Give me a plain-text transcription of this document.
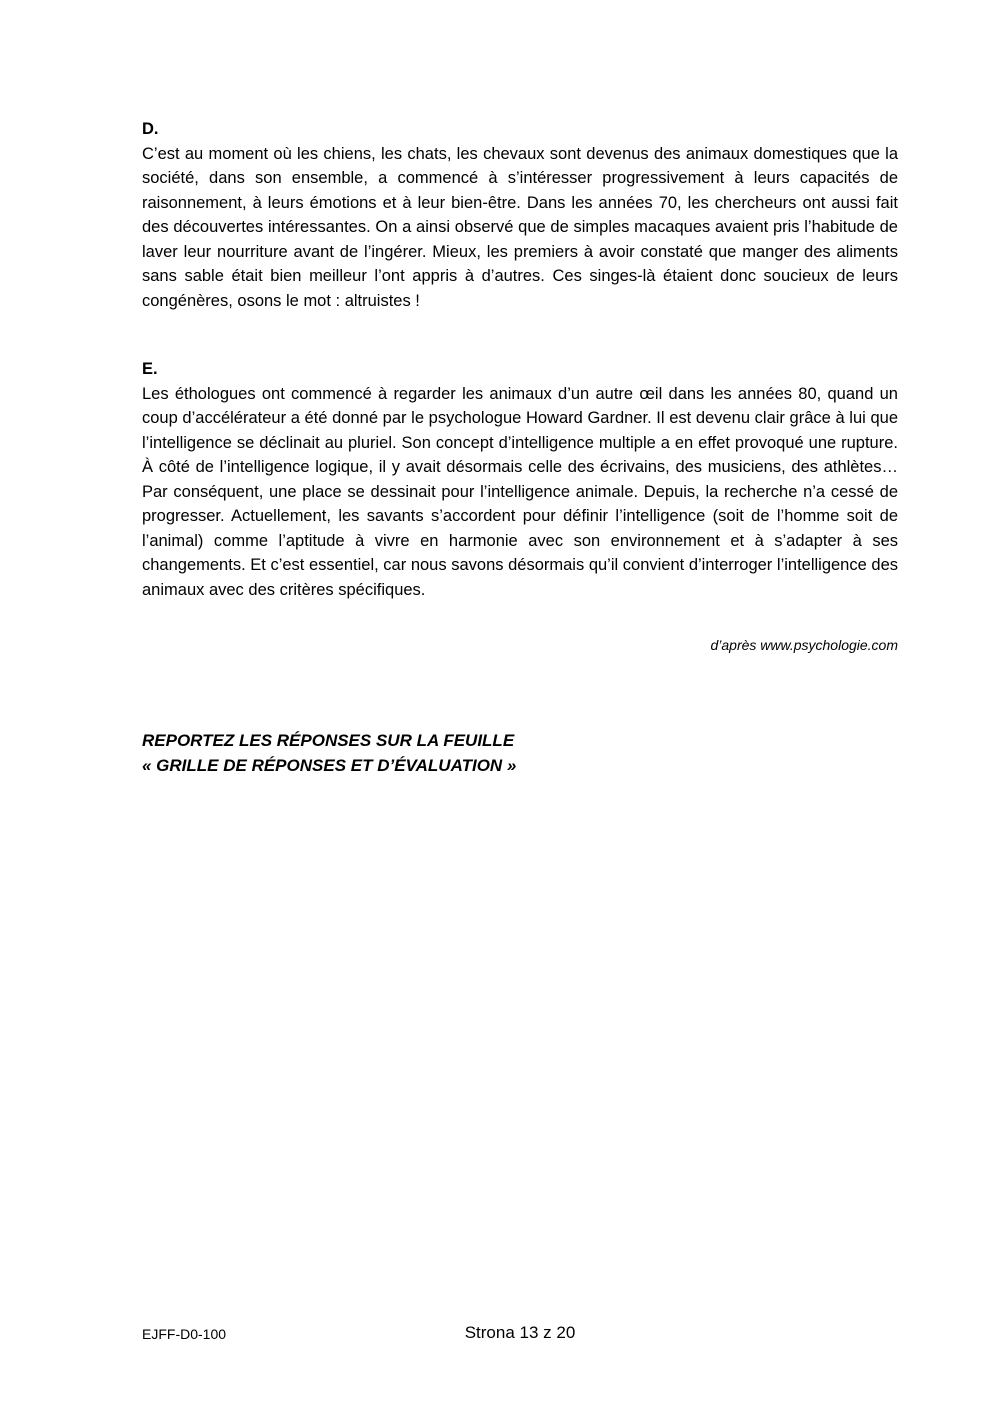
D.

C’est au moment où les chiens, les chats, les chevaux sont devenus des animaux domestiques que la société, dans son ensemble, a commencé à s’intéresser progressivement à leurs capacités de raisonnement, à leurs émotions et à leur bien-être. Dans les années 70, les chercheurs ont aussi fait des découvertes intéressantes. On a ainsi observé que de simples macaques avaient pris l’habitude de laver leur nourriture avant de l’ingérer. Mieux, les premiers à avoir constaté que manger des aliments sans sable était bien meilleur l’ont appris à d’autres. Ces singes-là étaient donc soucieux de leurs congénères, osons le mot : altruistes !

E.

Les éthologues ont commencé à regarder les animaux d’un autre œil dans les années 80, quand un coup d’accélérateur a été donné par le psychologue Howard Gardner. Il est devenu clair grâce à lui que l’intelligence se déclinait au pluriel. Son concept d’intelligence multiple a en effet provoqué une rupture. À côté de l’intelligence logique, il y avait désormais celle des écrivains, des musiciens, des athlètes… Par conséquent, une place se dessinait pour l’intelligence animale. Depuis, la recherche n’a cessé de progresser. Actuellement, les savants s’accordent pour définir l’intelligence (soit de l’homme soit de l’animal) comme l’aptitude à vivre en harmonie avec son environnement et à s’adapter à ses changements. Et c’est essentiel, car nous savons désormais qu’il convient d’interroger l’intelligence des animaux avec des critères spécifiques.

d’après www.psychologie.com
REPORTEZ LES RÉPONSES SUR LA FEUILLE
« GRILLE DE RÉPONSES ET D’ÉVALUATION »
EJFF-D0-100	Strona 13 z 20
